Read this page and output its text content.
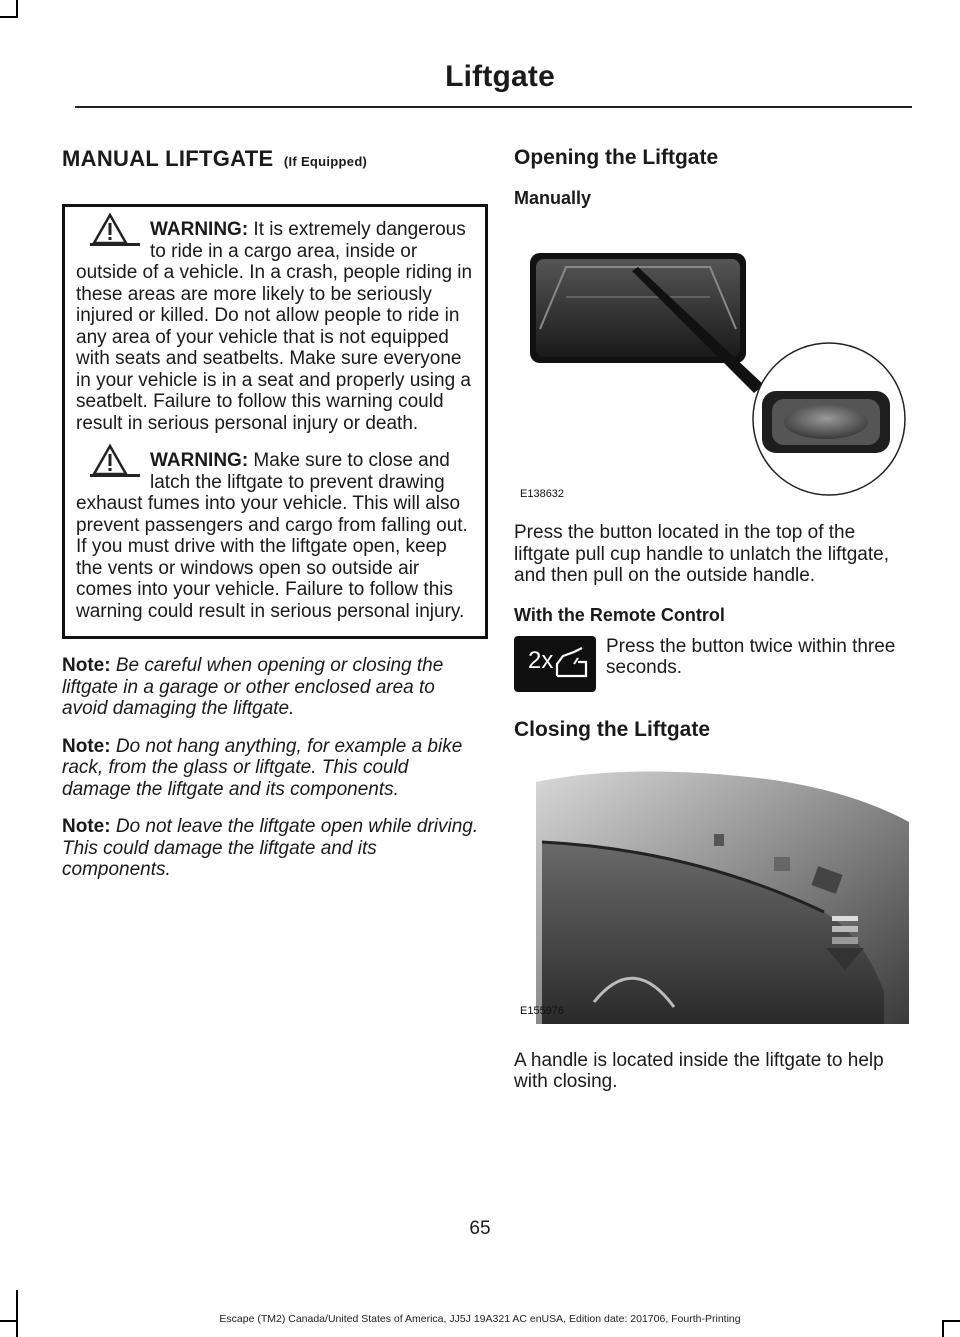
Liftgate
MANUAL LIFTGATE (If Equipped)

WARNING: It is extremely dangerous to ride in a cargo area, inside or outside of a vehicle. In a crash, people riding in these areas are more likely to be seriously injured or killed. Do not allow people to ride in any area of your vehicle that is not equipped with seats and seatbelts. Make sure everyone in your vehicle is in a seat and properly using a seatbelt. Failure to follow this warning could result in serious personal injury or death.

WARNING: Make sure to close and latch the liftgate to prevent drawing exhaust fumes into your vehicle. This will also prevent passengers and cargo from falling out. If you must drive with the liftgate open, keep the vents or windows open so outside air comes into your vehicle. Failure to follow this warning could result in serious personal injury.

Note: Be careful when opening or closing the liftgate in a garage or other enclosed area to avoid damaging the liftgate.

Note: Do not hang anything, for example a bike rack, from the glass or liftgate. This could damage the liftgate and its components.

Note: Do not leave the liftgate open while driving. This could damage the liftgate and its components.

Opening the Liftgate
Manually
E138632

Press the button located in the top of the liftgate pull cup handle to unlatch the liftgate, and then pull on the outside handle.

With the Remote Control
2x

Press the button twice within three seconds.

Closing the Liftgate
E155976

A handle is located inside the liftgate to help with closing.

65
Escape (TM2) Canada/United States of America, JJ5J 19A321 AC enUSA, Edition date: 201706, Fourth-Printing
